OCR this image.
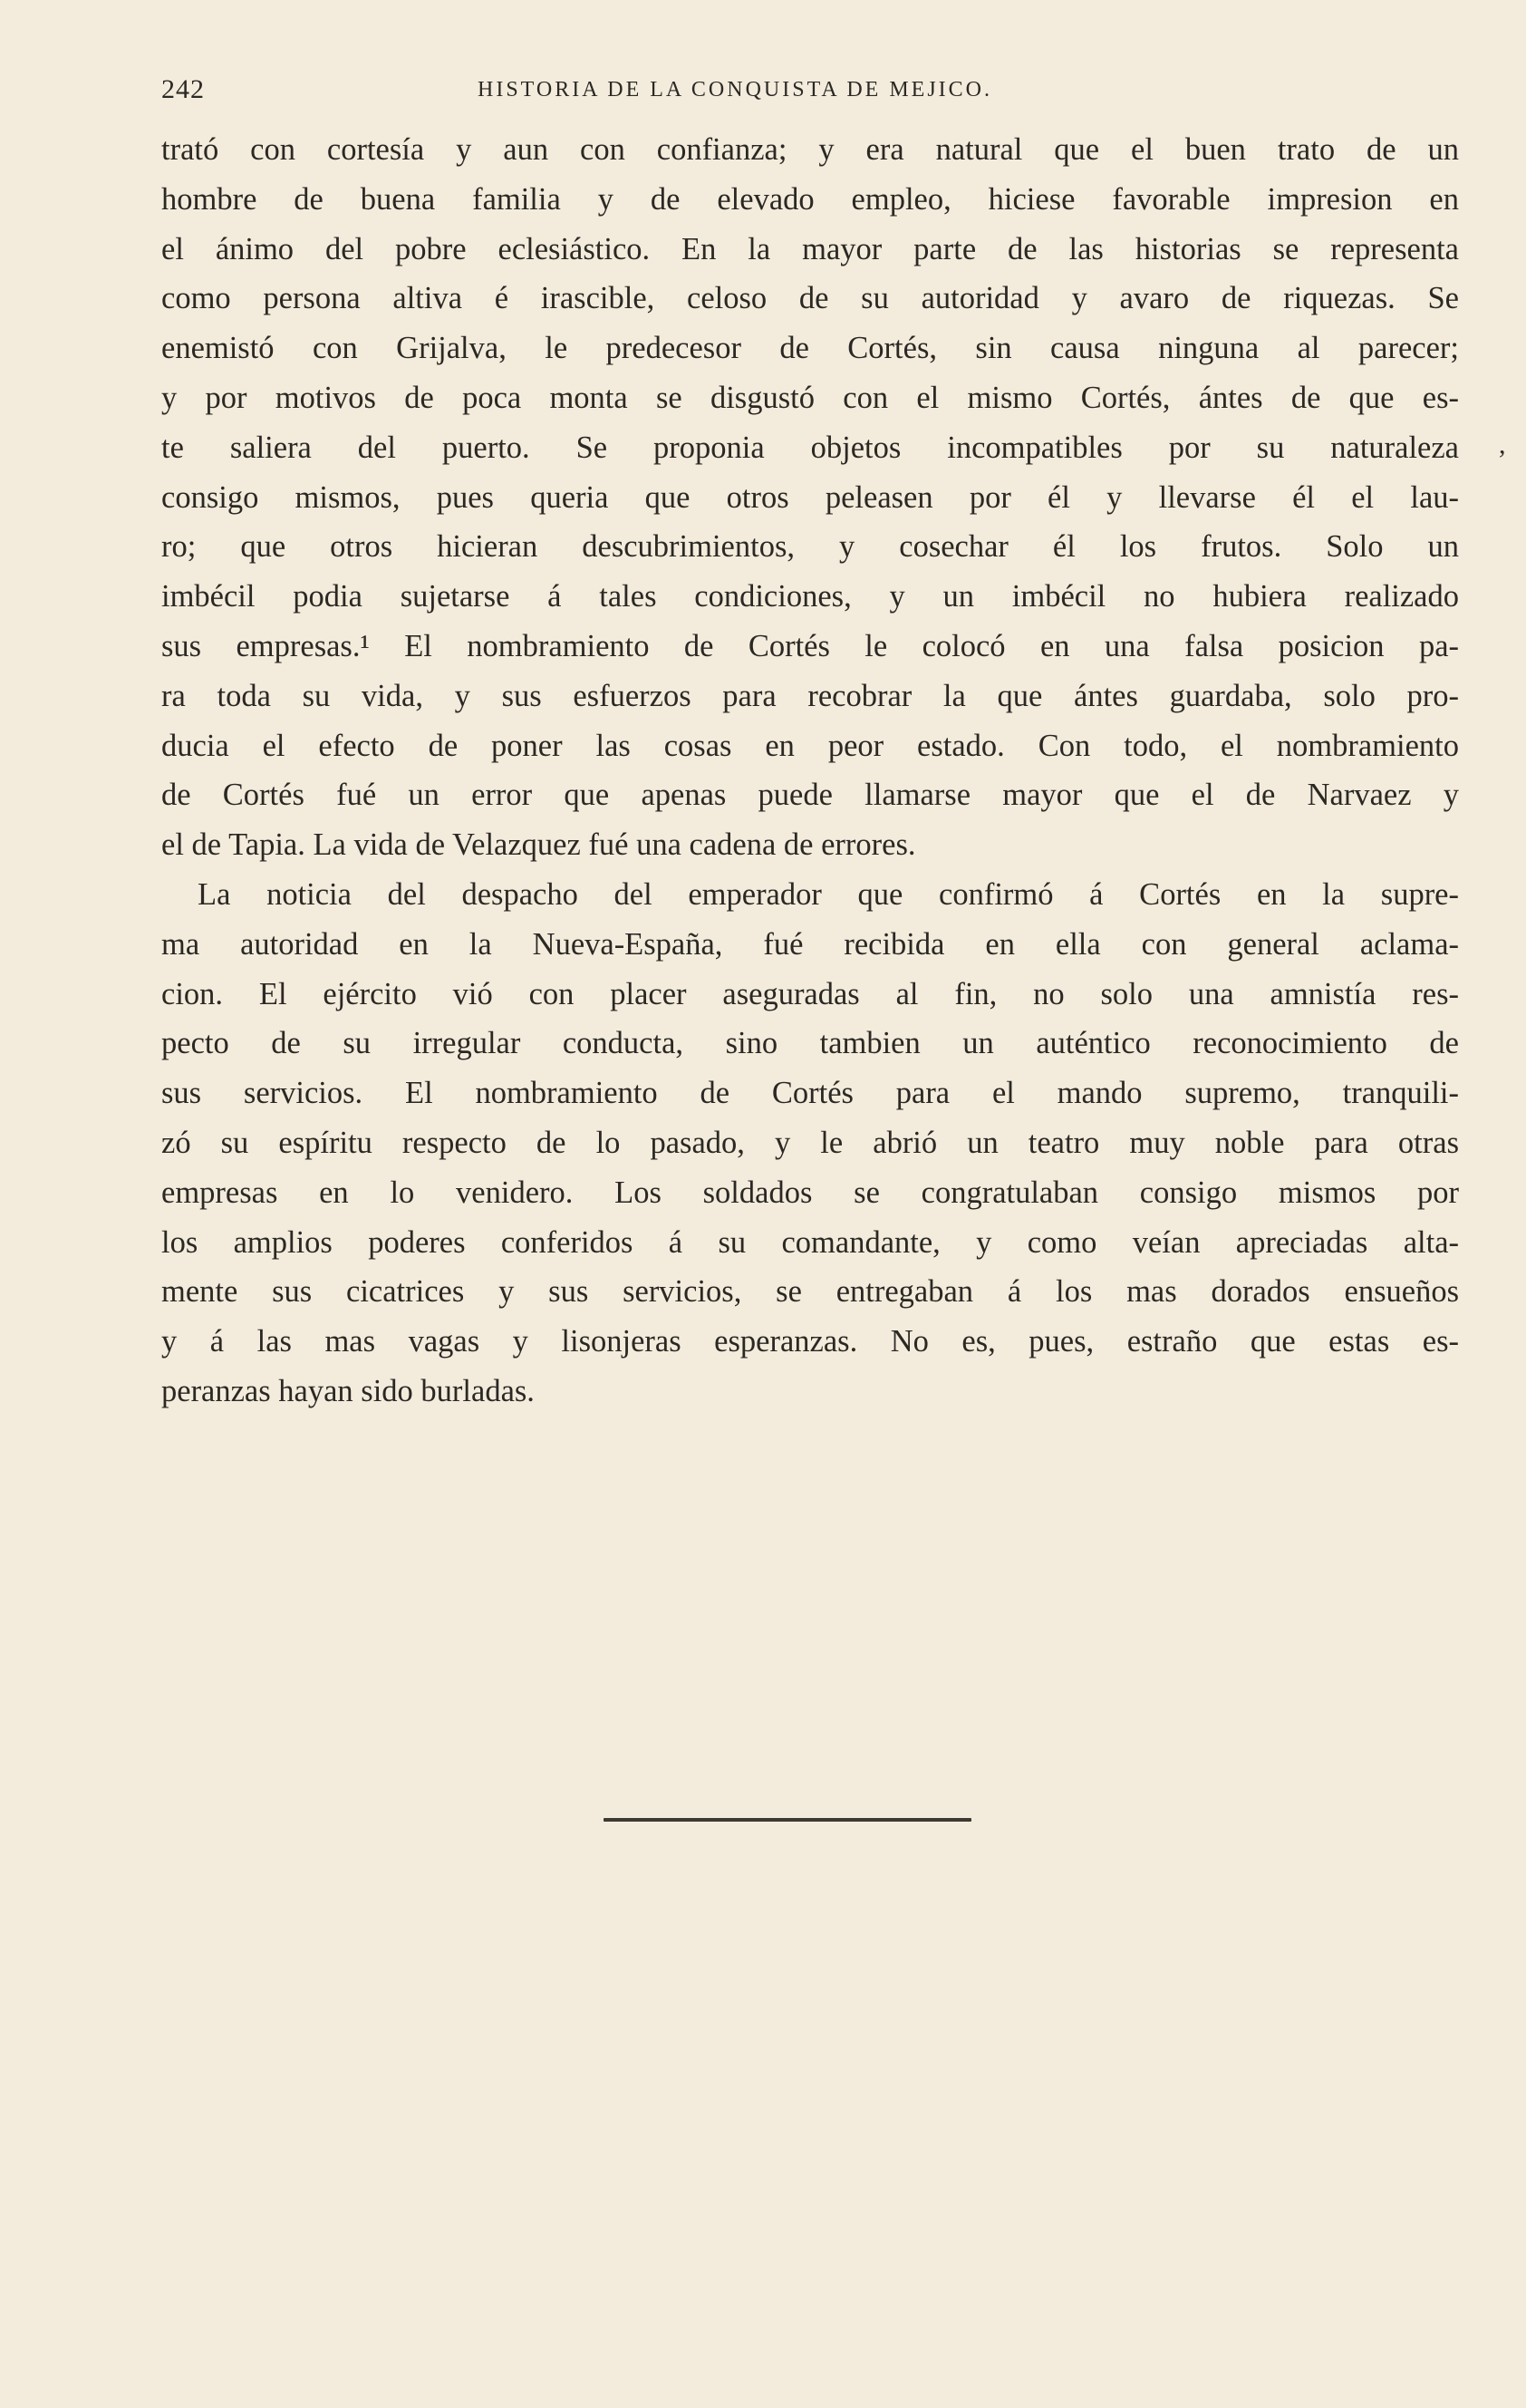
242	HISTORIA DE LA CONQUISTA DE MEJICO.
trató con cortesía y aun con confianza; y era natural que el buen trato de un
hombre de buena familia y de elevado empleo, hiciese favorable impresion en
el ánimo del pobre eclesiástico. En la mayor parte de las historias se representa
como persona altiva é irascible, celoso de su autoridad y avaro de riquezas. Se
enemistó con Grijalva, le predecesor de Cortés, sin causa ninguna al parecer;
y por motivos de poca monta se disgustó con el mismo Cortés, ántes de que es-
te saliera del puerto. Se proponia objetos incompatibles por su naturaleza
consigo mismos, pues queria que otros peleasen por él y llevarse él el lau-
ro; que otros hicieran descubrimientos, y cosechar él los frutos. Solo un
imbécil podia sujetarse á tales condiciones, y un imbécil no hubiera realizado
sus empresas.¹ El nombramiento de Cortés le colocó en una falsa posicion pa-
ra toda su vida, y sus esfuerzos para recobrar la que ántes guardaba, solo pro-
ducia el efecto de poner las cosas en peor estado. Con todo, el nombramiento
de Cortés fué un error que apenas puede llamarse mayor que el de Narvaez y
el de Tapia. La vida de Velazquez fué una cadena de errores.
La noticia del despacho del emperador que confirmó á Cortés en la supre-
ma autoridad en la Nueva-España, fué recibida en ella con general aclama-
cion. El ejército vió con placer aseguradas al fin, no solo una amnistía res-
pecto de su irregular conducta, sino tambien un auténtico reconocimiento de
sus servicios. El nombramiento de Cortés para el mando supremo, tranquili-
zó su espíritu respecto de lo pasado, y le abrió un teatro muy noble para otras
empresas en lo venidero. Los soldados se congratulaban consigo mismos por
los amplios poderes conferidos á su comandante, y como veían apreciadas alta-
mente sus cicatrices y sus servicios, se entregaban á los mas dorados ensueños
y á las mas vagas y lisonjeras esperanzas. No es, pues, estraño que estas es-
peranzas hayan sido burladas.
,
